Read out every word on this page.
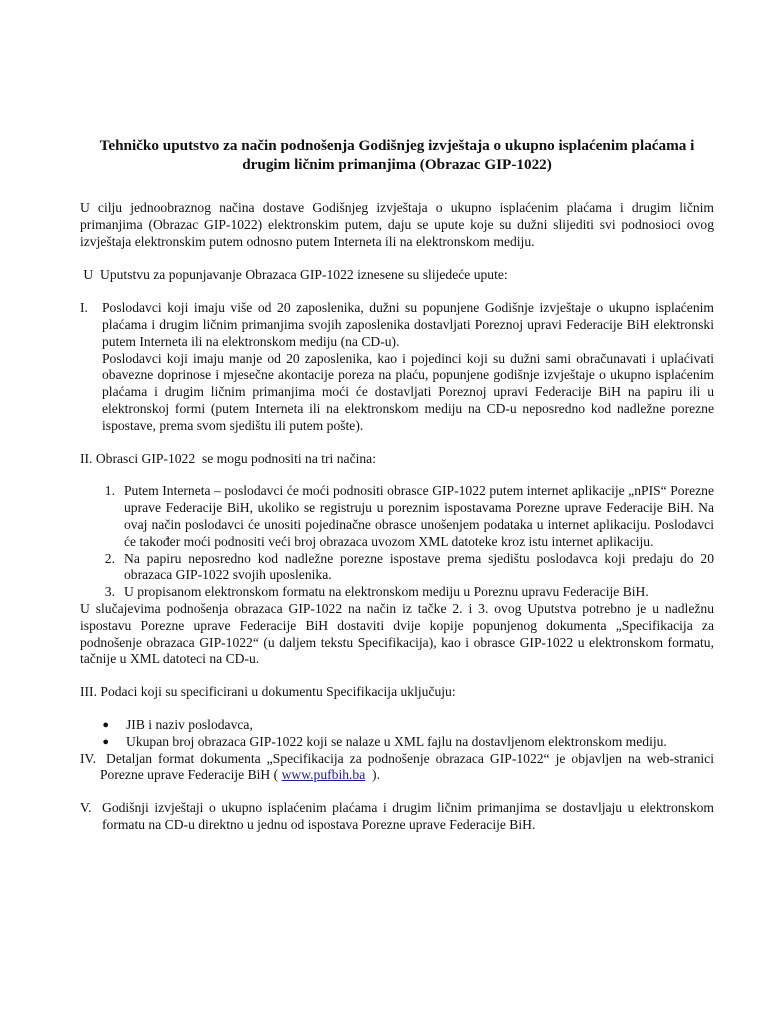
Tehničko uputstvo za način podnošenja Godišnjeg izvještaja o ukupno isplaćenim plaćama i drugim ličnim primanjima (Obrazac GIP-1022)

U cilju jednoobraznog načina dostave Godišnjeg izvještaja o ukupno isplaćenim plaćama i drugim ličnim primanjima (Obrazac GIP-1022) elektronskim putem, daju se upute koje su dužni slijediti svi podnosioci ovog izvještaja elektronskim putem odnosno putem Interneta ili na elektronskom mediju.

U  Uputstvu za popunjavanje Obrazaca GIP-1022 iznesene su slijedeće upute:

I.	Poslodavci koji imaju više od 20 zaposlenika, dužni su popunjene Godišnje izvještaje o ukupno isplaćenim plaćama i drugim ličnim primanjima svojih zaposlenika dostavljati Poreznoj upravi Federacije BiH elektronski putem Interneta ili na elektronskom mediju (na CD-u).

Poslodavci koji imaju manje od 20 zaposlenika, kao i pojedinci koji su dužni sami obračunavati i uplaćivati obavezne doprinose i mjesečne akontacije poreza na plaću, popunjene godišnje izvještaje o ukupno isplaćenim plaćama i drugim ličnim primanjima moći će dostavljati Poreznoj upravi Federacije BiH na papiru ili u elektronskoj formi (putem Interneta ili na elektronskom mediju na CD-u neposredno kod nadležne porezne ispostave, prema svom sjedištu ili putem pošte).

II. Obrasci GIP-1022  se mogu podnositi na tri načina:

1. Putem Interneta – poslodavci će moći podnositi obrasce GIP-1022 putem internet aplikacije „nPIS“ Porezne uprave Federacije BiH, ukoliko se registruju u poreznim ispostavama Porezne uprave Federacije BiH. Na ovaj način poslodavci će unositi pojedinačne obrasce unošenjem podataka u internet aplikaciju. Poslodavci će također moći podnositi veći broj obrazaca uvozom XML datoteke kroz istu internet aplikaciju.
2. Na papiru neposredno kod nadležne porezne ispostave prema sjedištu poslodavca koji predaju do 20 obrazaca GIP-1022 svojih uposlenika.
3. U propisanom elektronskom formatu na elektronskom mediju u Poreznu upravu Federacije BiH.

U slučajevima podnošenja obrazaca GIP-1022 na način iz tačke 2. i 3. ovog Uputstva potrebno je u nadležnu ispostavu Porezne uprave Federacije BiH dostaviti dvije kopije popunjenog dokumenta „Specifikacija za podnošenje obrazaca GIP-1022“ (u daljem tekstu Specifikacija), kao i obrasce GIP-1022 u elektronskom formatu, tačnije u XML datoteci na CD-u.

III. Podaci koji su specificirani u dokumentu Specifikacija uključuju:

●	JIB i naziv poslodavca,
●	Ukupan broj obrazaca GIP-1022 koji se nalaze u XML fajlu na dostavljenom elektronskom mediju.
IV. Detaljan format dokumenta „Specifikacija za podnošenje obrazaca GIP-1022“ je objavljen na web-stranici Porezne uprave Federacije BiH ( www.pufbih.ba  ).

V. Godišnji izvještaji o ukupno isplaćenim plaćama i drugim ličnim primanjima se dostavljaju u elektronskom formatu na CD-u direktno u jednu od ispostava Porezne uprave Federacije BiH.
